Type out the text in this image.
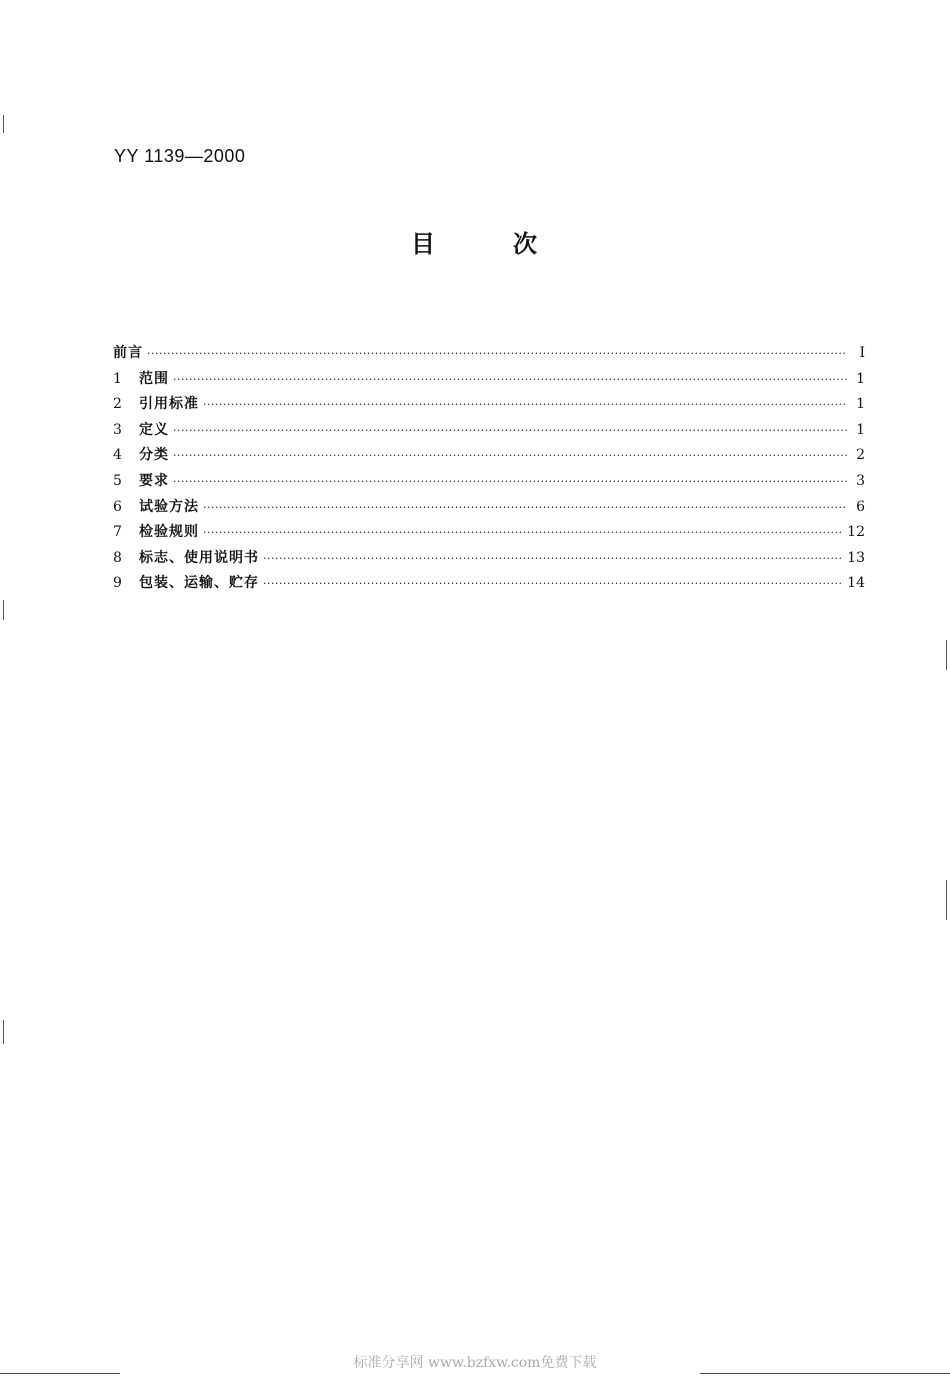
YY 1139—2000
目	次
前言 ·····	I
1	范围 ·····	1
2	引用标准 ·····	1
3	定义 ·····	1
4	分类 ·····	2
5	要求 ·····	3
6	试验方法 ·····	6
7	检验规则 ·····	12
8	标志、使用说明书 ·····	13
9	包装、运输、贮存 ·····	14
标准分享网 www.bzfxw.com免费下载
